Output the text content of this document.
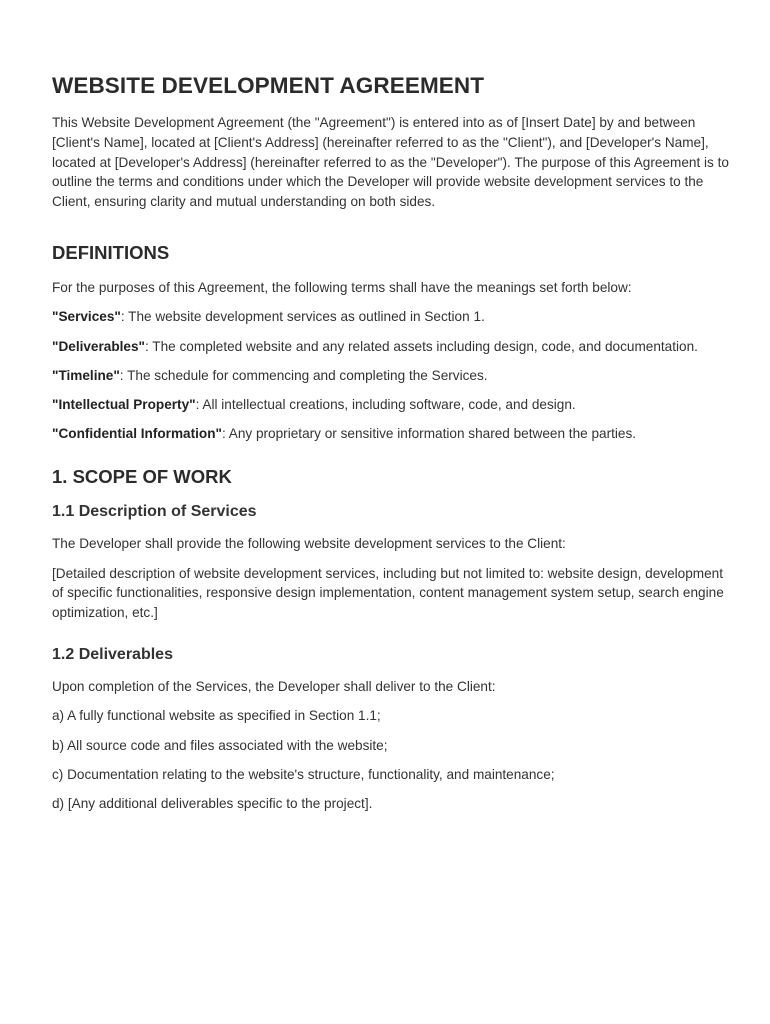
WEBSITE DEVELOPMENT AGREEMENT

This Website Development Agreement (the "Agreement") is entered into as of [Insert Date] by and between [Client's Name], located at [Client's Address] (hereinafter referred to as the "Client"), and [Developer's Name], located at [Developer's Address] (hereinafter referred to as the "Developer"). The purpose of this Agreement is to outline the terms and conditions under which the Developer will provide website development services to the Client, ensuring clarity and mutual understanding on both sides.

DEFINITIONS

For the purposes of this Agreement, the following terms shall have the meanings set forth below:

"Services": The website development services as outlined in Section 1.

"Deliverables": The completed website and any related assets including design, code, and documentation.

"Timeline": The schedule for commencing and completing the Services.

"Intellectual Property": All intellectual creations, including software, code, and design.

"Confidential Information": Any proprietary or sensitive information shared between the parties.

1. SCOPE OF WORK
1.1 Description of Services

The Developer shall provide the following website development services to the Client:

[Detailed description of website development services, including but not limited to: website design, development of specific functionalities, responsive design implementation, content management system setup, search engine optimization, etc.]

1.2 Deliverables

Upon completion of the Services, the Developer shall deliver to the Client:

a) A fully functional website as specified in Section 1.1;

b) All source code and files associated with the website;

c) Documentation relating to the website's structure, functionality, and maintenance;

d) [Any additional deliverables specific to the project].
